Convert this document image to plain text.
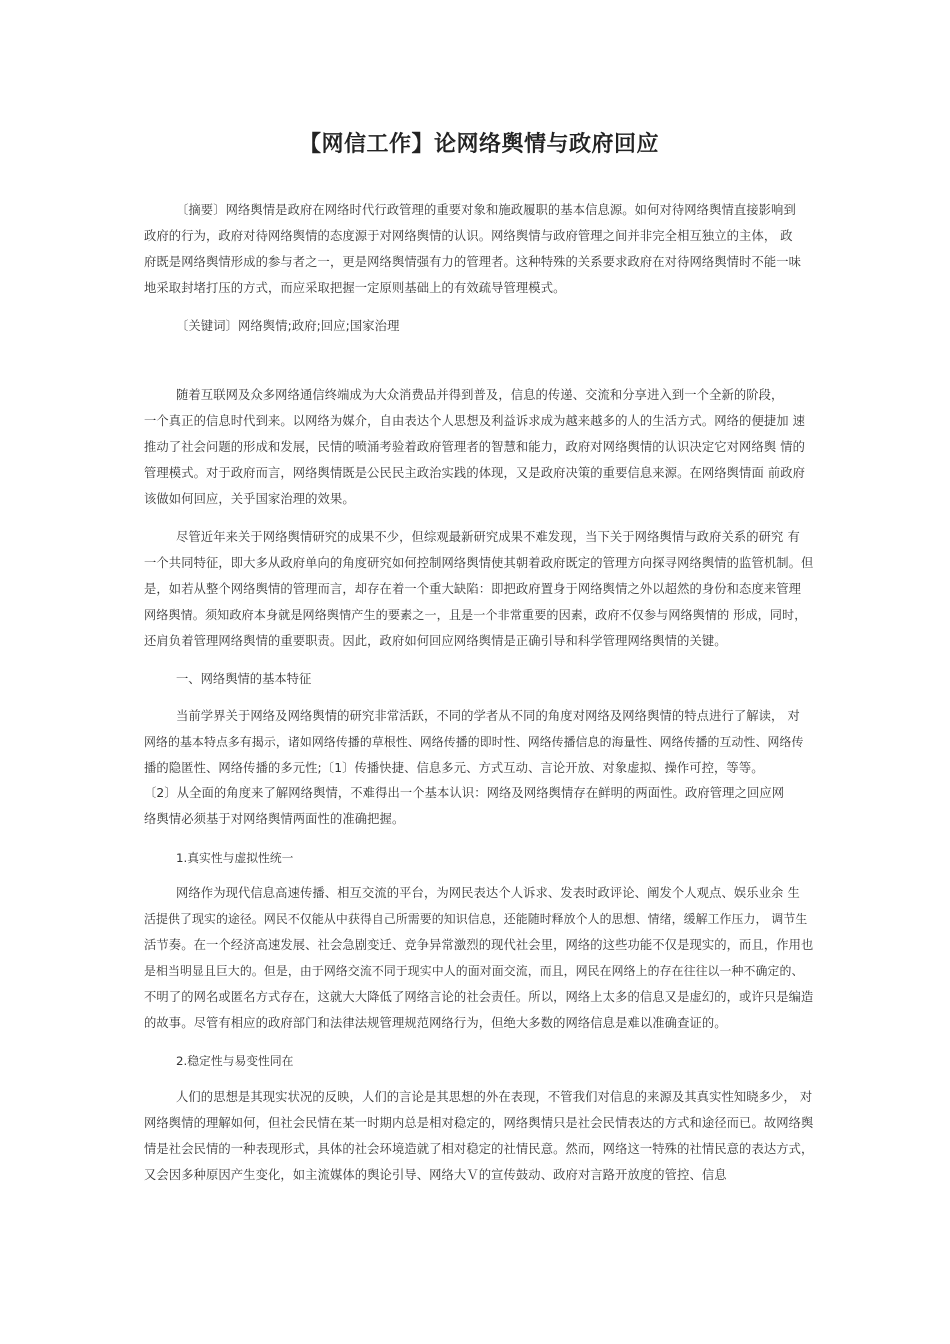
【网信工作】论网络舆情与政府回应
〔摘要〕网络舆情是政府在网络时代行政管理的重要对象和施政履职的基本信息源。如何对待网络舆情直接影响到
政府的行为，政府对待网络舆情的态度源于对网络舆情的认识。网络舆情与政府管理之间并非完全相互独立的主体， 政
府既是网络舆情形成的参与者之一，更是网络舆情强有力的管理者。这种特殊的关系要求政府在对待网络舆情时不能一味
地采取封堵打压的方式，而应采取把握一定原则基础上的有效疏导管理模式。
〔关键词〕网络舆情;政府;回应;国家治理
随着互联网及众多网络通信终端成为大众消费品并得到普及，信息的传递、交流和分享进入到一个全新的阶段，
一个真正的信息时代到来。以网络为媒介，自由表达个人思想及利益诉求成为越来越多的人的生活方式。网络的便捷加 速
推动了社会问题的形成和发展，民情的喷涌考验着政府管理者的智慧和能力，政府对网络舆情的认识决定它对网络舆 情的
管理模式。对于政府而言，网络舆情既是公民民主政治实践的体现，又是政府决策的重要信息来源。在网络舆情面 前政府
该做如何回应，关乎国家治理的效果。
尽管近年来关于网络舆情研究的成果不少，但综观最新研究成果不难发现，当下关于网络舆情与政府关系的研究 有
一个共同特征，即大多从政府单向的角度研究如何控制网络舆情使其朝着政府既定的管理方向探寻网络舆情的监管机制。但
是，如若从整个网络舆情的管理而言，却存在着一个重大缺陷：即把政府置身于网络舆情之外以超然的身份和态度来管理
网络舆情。须知政府本身就是网络舆情产生的要素之一，且是一个非常重要的因素，政府不仅参与网络舆情的 形成，同时，
还肩负着管理网络舆情的重要职责。因此，政府如何回应网络舆情是正确引导和科学管理网络舆情的关键。
一、网络舆情的基本特征
当前学界关于网络及网络舆情的研究非常活跃，不同的学者从不同的角度对网络及网络舆情的特点进行了解读， 对
网络的基本特点多有揭示，诸如网络传播的草根性、网络传播的即时性、网络传播信息的海量性、网络传播的互动性、网络传
播的隐匿性、网络传播的多元性;〔1〕传播快捷、信息多元、方式互动、言论开放、对象虚拟、操作可控，等等。
〔2〕从全面的角度来了解网络舆情，不难得出一个基本认识：网络及网络舆情存在鲜明的两面性。政府管理之回应网
络舆情必须基于对网络舆情两面性的准确把握。
1.真实性与虚拟性统一
网络作为现代信息高速传播、相互交流的平台，为网民表达个人诉求、发表时政评论、阐发个人观点、娱乐业余 生
活提供了现实的途径。网民不仅能从中获得自己所需要的知识信息，还能随时释放个人的思想、情绪，缓解工作压力， 调节生
活节奏。在一个经济高速发展、社会急剧变迁、竞争异常激烈的现代社会里，网络的这些功能不仅是现实的，而且，作用也
是相当明显且巨大的。但是，由于网络交流不同于现实中人的面对面交流，而且，网民在网络上的存在往往以一种不确定的、
不明了的网名或匿名方式存在，这就大大降低了网络言论的社会责任。所以，网络上太多的信息又是虚幻的，或许只是编造
的故事。尽管有相应的政府部门和法律法规管理规范网络行为，但绝大多数的网络信息是难以准确查证的。
2.稳定性与易变性同在
人们的思想是其现实状况的反映，人们的言论是其思想的外在表现，不管我们对信息的来源及其真实性知晓多少， 对
网络舆情的理解如何，但社会民情在某一时期内总是相对稳定的，网络舆情只是社会民情表达的方式和途径而已。故网络舆
情是社会民情的一种表现形式，具体的社会环境造就了相对稳定的社情民意。然而，网络这一特殊的社情民意的表达方式，
又会因多种原因产生变化，如主流媒体的舆论引导、网络大Ｖ的宣传鼓动、政府对言路开放度的管控、信息
